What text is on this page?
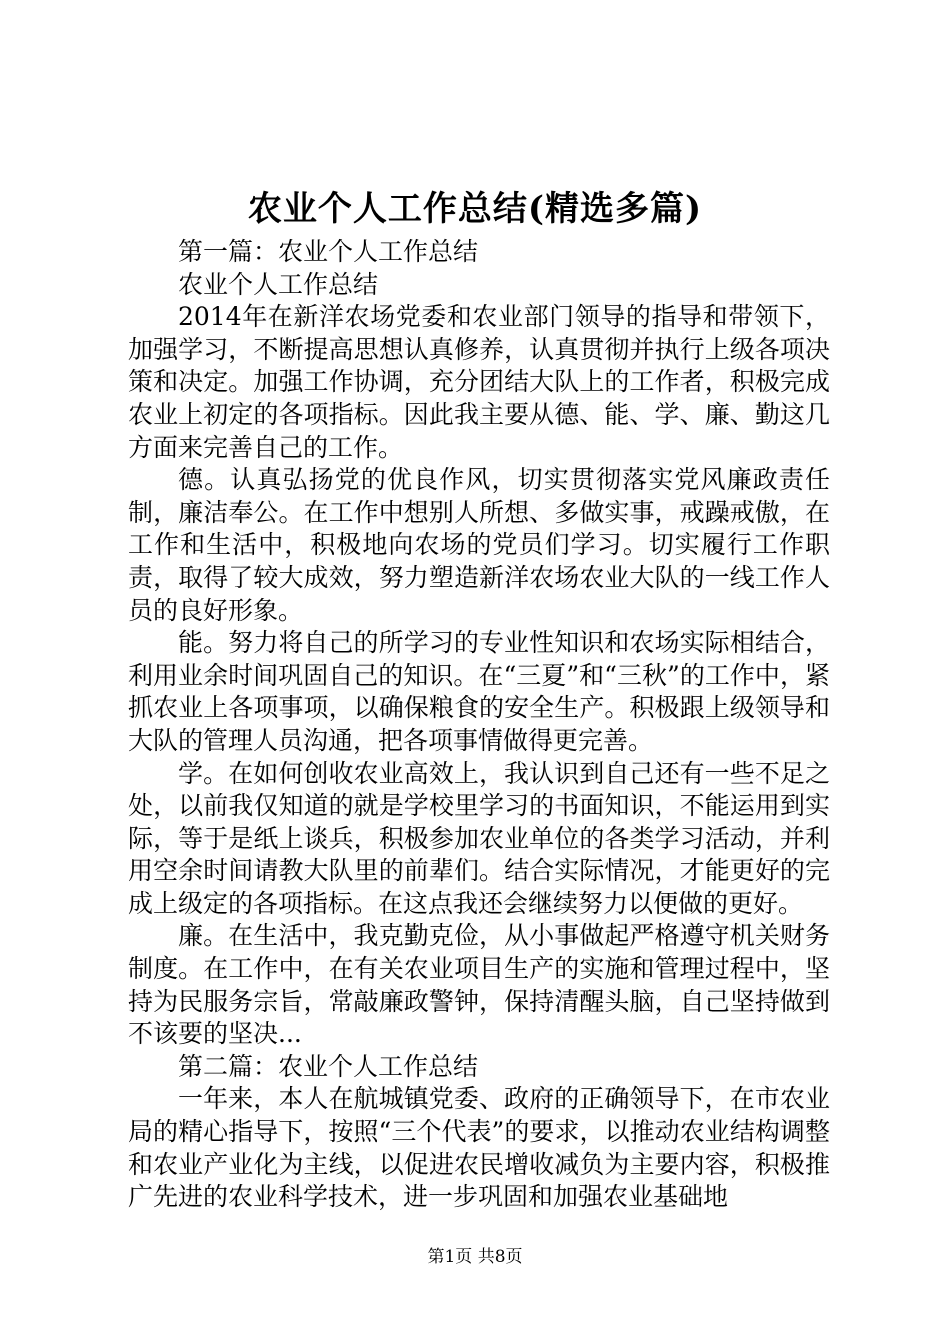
农业个人工作总结(精选多篇)

第一篇：农业个人工作总结

农业个人工作总结

2014年在新洋农场党委和农业部门领导的指导和带领下，加强学习，不断提高思想认真修养，认真贯彻并执行上级各项决策和决定。加强工作协调，充分团结大队上的工作者，积极完成农业上初定的各项指标。因此我主要从德、能、学、廉、勤这几方面来完善自己的工作。

德。认真弘扬党的优良作风，切实贯彻落实党风廉政责任制，廉洁奉公。在工作中想别人所想、多做实事，戒躁戒傲，在工作和生活中，积极地向农场的党员们学习。切实履行工作职责，取得了较大成效，努力塑造新洋农场农业大队的一线工作人员的良好形象。

能。努力将自己的所学习的专业性知识和农场实际相结合，利用业余时间巩固自己的知识。在“三夏”和“三秋”的工作中，紧抓农业上各项事项，以确保粮食的安全生产。积极跟上级领导和大队的管理人员沟通，把各项事情做得更完善。

学。在如何创收农业高效上，我认识到自己还有一些不足之处，以前我仅知道的就是学校里学习的书面知识，不能运用到实际，等于是纸上谈兵，积极参加农业单位的各类学习活动，并利用空余时间请教大队里的前辈们。结合实际情况，才能更好的完成上级定的各项指标。在这点我还会继续努力以便做的更好。

廉。在生活中，我克勤克俭，从小事做起严格遵守机关财务制度。在工作中，在有关农业项目生产的实施和管理过程中，坚持为民服务宗旨，常敲廉政警钟，保持清醒头脑，自己坚持做到不该要的坚决...

第二篇：农业个人工作总结

一年来，本人在航城镇党委、政府的正确领导下，在市农业局的精心指导下，按照“三个代表”的要求，以推动农业结构调整和农业产业化为主线，以促进农民增收减负为主要内容，积极推广先进的农业科学技术，进一步巩固和加强农业基础地

第1页 共8页
